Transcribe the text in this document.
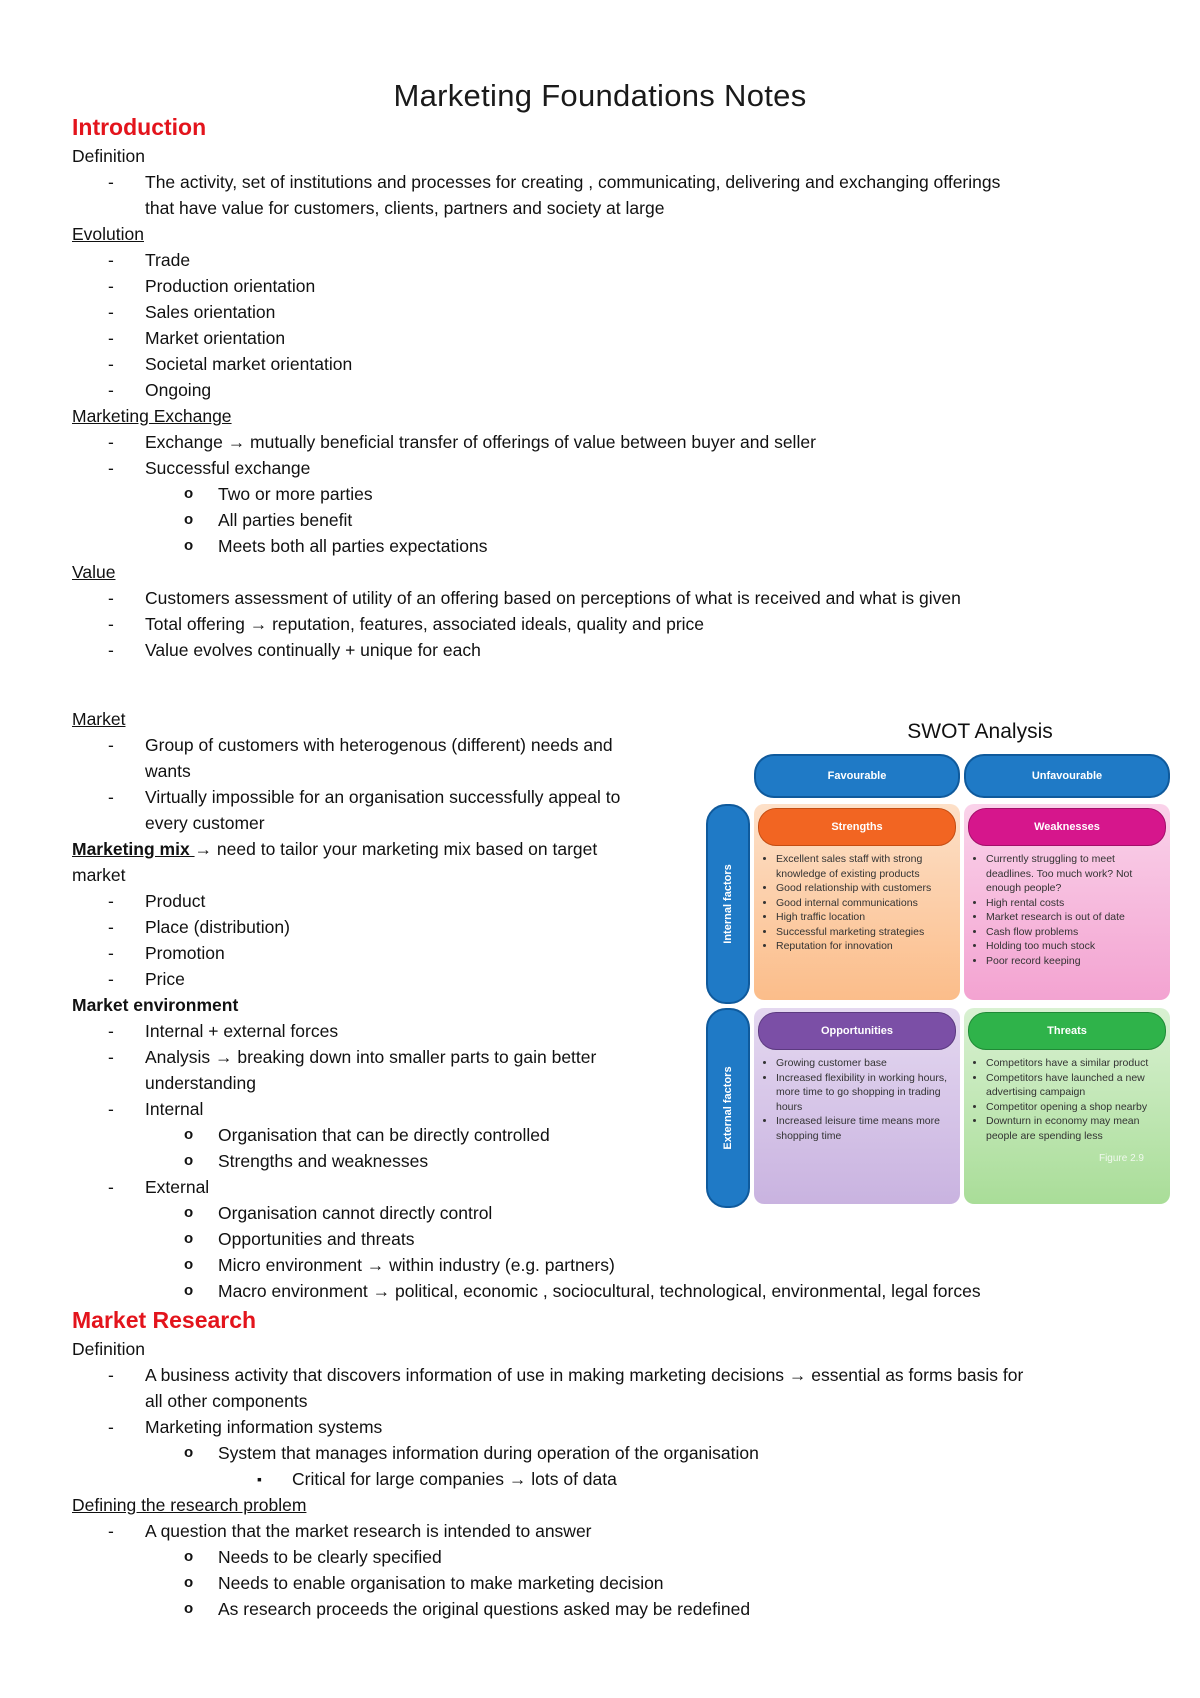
Marketing Foundations Notes
Introduction
Definition
- The activity, set of institutions and processes for creating , communicating, delivering and exchanging offerings
that have value for customers, clients, partners and society at large
Evolution
- Trade
- Production orientation
- Sales orientation
- Market orientation
- Societal market orientation
- Ongoing
Marketing Exchange
- Exchange → mutually beneficial transfer of offerings of value between buyer and seller
- Successful exchange
o Two or more parties
o All parties benefit
o Meets both all parties expectations
Value
- Customers assessment of utility of an offering based on perceptions of what is received and what is given
- Total offering → reputation, features, associated ideals, quality and price
- Value evolves continually + unique for each
Market
- Group of customers with heterogenous (different) needs and
wants
- Virtually impossible for an organisation successfully appeal to
every customer
Marketing mix → need to tailor your marketing mix based on target
market
- Product
- Place (distribution)
- Promotion
- Price
Market environment
- Internal + external forces
- Analysis → breaking down into smaller parts to gain better
understanding
- Internal
o Organisation that can be directly controlled
o Strengths and weaknesses
- External
o Organisation cannot directly control
o Opportunities and threats
o Micro environment → within industry (e.g. partners)
o Macro environment → political, economic , sociocultural, technological, environmental, legal forces
Market Research
Definition
- A business activity that discovers information of use in making marketing decisions → essential as forms basis for
all other components
- Marketing information systems
o System that manages information during operation of the organisation
▪ Critical for large companies → lots of data
Defining the research problem
- A question that the market research is intended to answer
o Needs to be clearly specified
o Needs to enable organisation to make marketing decision
o As research proceeds the original questions asked may be redefined
SWOT Analysis
Favourable	Unfavourable
Internal factors
External factors
Strengths
• Excellent sales staff with strong knowledge of existing products
• Good relationship with customers
• Good internal communications
• High traffic location
• Successful marketing strategies
• Reputation for innovation
Weaknesses
• Currently struggling to meet deadlines. Too much work? Not enough people?
• High rental costs
• Market research is out of date
• Cash flow problems
• Holding too much stock
• Poor record keeping
Opportunities
• Growing customer base
• Increased flexibility in working hours, more time to go shopping in trading hours
• Increased leisure time means more shopping time
Threats
• Competitors have a similar product
• Competitors have launched a new advertising campaign
• Competitor opening a shop nearby
• Downturn in economy may mean people are spending less
Figure 2.9
